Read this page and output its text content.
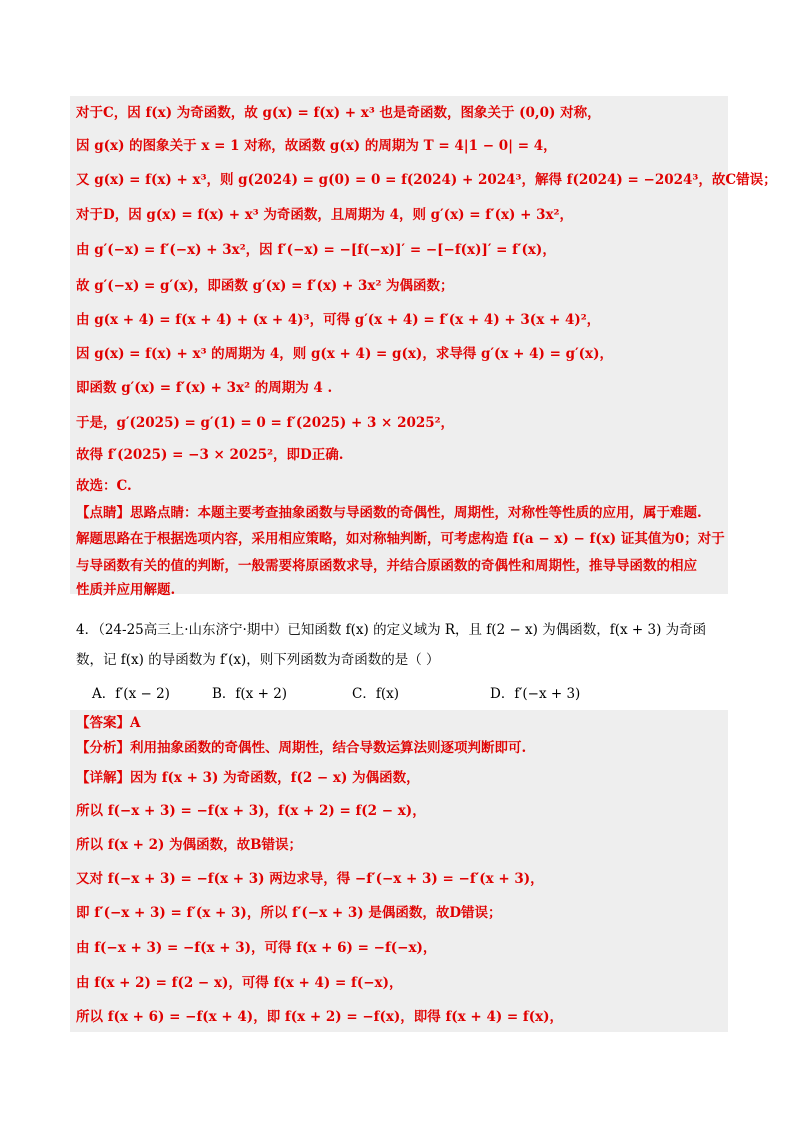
对于C，因 f(x) 为奇函数，故 g(x) = f(x) + x³ 也是奇函数，图象关于 (0,0) 对称，
因 g(x) 的图象关于 x = 1 对称，故函数 g(x) 的周期为 T = 4|1 − 0| = 4，
又 g(x) = f(x) + x³，则 g(2024) = g(0) = 0 = f(2024) + 2024³，解得 f(2024) = −2024³，故C错误；
对于D，因 g(x) = f(x) + x³ 为奇函数，且周期为 4，则 g′(x) = f′(x) + 3x²，
由 g′(−x) = f′(−x) + 3x²，因 f′(−x) = −[f(−x)]′ = −[−f(x)]′ = f′(x)，
故 g′(−x) = g′(x)，即函数 g′(x) = f′(x) + 3x² 为偶函数；
由 g(x + 4) = f(x + 4) + (x + 4)³，可得 g′(x + 4) = f′(x + 4) + 3(x + 4)²，
因 g(x) = f(x) + x³ 的周期为 4，则 g(x + 4) = g(x)，求导得 g′(x + 4) = g′(x)，
即函数 g′(x) = f′(x) + 3x² 的周期为 4 .
于是，g′(2025) = g′(1) = 0 = f′(2025) + 3 × 2025²，
故得 f′(2025) = −3 × 2025²，即D正确.
故选：C.
【点睛】思路点睛：本题主要考查抽象函数与导函数的奇偶性，周期性，对称性等性质的应用，属于难题.
解题思路在于根据选项内容，采用相应策略，如对称轴判断，可考虑构造 f(a − x) − f(x) 证其值为0；对于
与导函数有关的值的判断，一般需要将原函数求导，并结合原函数的奇偶性和周期性，推导导函数的相应
性质并应用解题.
4．（24-25高三上·山东济宁·期中）已知函数 f(x) 的定义域为 R，且 f(2 − x) 为偶函数，f(x + 3) 为奇函
数，记 f(x) 的导函数为 f′(x)，则下列函数为奇函数的是（ ）
A．f′(x − 2)	B．f(x + 2)	C．f(x)	D．f′(−x + 3)
【答案】A
【分析】利用抽象函数的奇偶性、周期性，结合导数运算法则逐项判断即可.
【详解】因为 f(x + 3) 为奇函数，f(2 − x) 为偶函数，
所以 f(−x + 3) = −f(x + 3)，f(x + 2) = f(2 − x)，
所以 f(x + 2) 为偶函数，故B错误；
又对 f(−x + 3) = −f(x + 3) 两边求导，得 −f′(−x + 3) = −f′(x + 3)，
即 f′(−x + 3) = f′(x + 3)，所以 f′(−x + 3) 是偶函数，故D错误；
由 f(−x + 3) = −f(x + 3)，可得 f(x + 6) = −f(−x)，
由 f(x + 2) = f(2 − x)，可得 f(x + 4) = f(−x)，
所以 f(x + 6) = −f(x + 4)，即 f(x + 2) = −f(x)，即得 f(x + 4) = f(x)，
